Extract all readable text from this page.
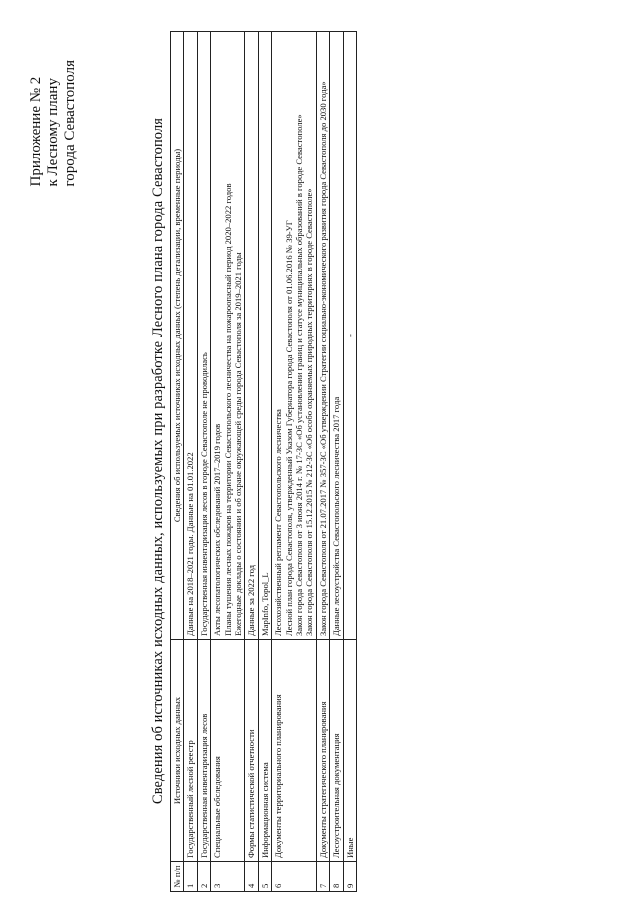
Приложение № 2 к Лесному плану города Севастополя	Сведения об источниках исходных данных, используемых при разработке Лесного плана города Севастополя
№ п/п	Источники исходных данных	Сведения об используемых источниках исходных данных (степень детализации, временные периоды)
1	Государственный лесной реестр	Данные на 2018–2021 годы. Данные на 01.01.2022

2	Государственная инвентаризация лесов	Государственная инвентаризация лесов в городе Севастополе не проводилась

3	Специальные обследования	Акты лесопатологических обследований 2017–2019 годов Планы тушения лесных пожаров на территории Севастопольского лесничества на пожароопасный период 2020–2022 годов Ежегодные доклады о состоянии и об охране окружающей среды города Севастополя за 2019–2021 годы

4	Формы статистической отчетности	Данные за 2022 год

5	Информационная система	MapInfo, Topol_L

6	Документы территориального планирования	Лесохозяйственный регламент Севастопольского лесничества Лесной план города Севастополя, утвержденный Указом Губернатора города Севастополя от 01.06.2016 № 39-УГ Закон города Севастополя от 3 июня 2014 г. № 17-ЗС «Об установлении границ и статусе муниципальных образований в городе Севастополе» Закон города Севастополя от 15.12.2015 № 212-ЗС «Об особо охраняемых природных территориях в городе Севастополе»

7	Документы стратегического планирования	Закон города Севастополя от 21.07.2017 № 357-ЗС «Об утверждении Стратегии социально-экономического развития города Севастополя до 2030 года»

8	Лесоустроительная документация	Данные лесоустройства Севастопольского лесничества 2017 года

9	Иные	-
